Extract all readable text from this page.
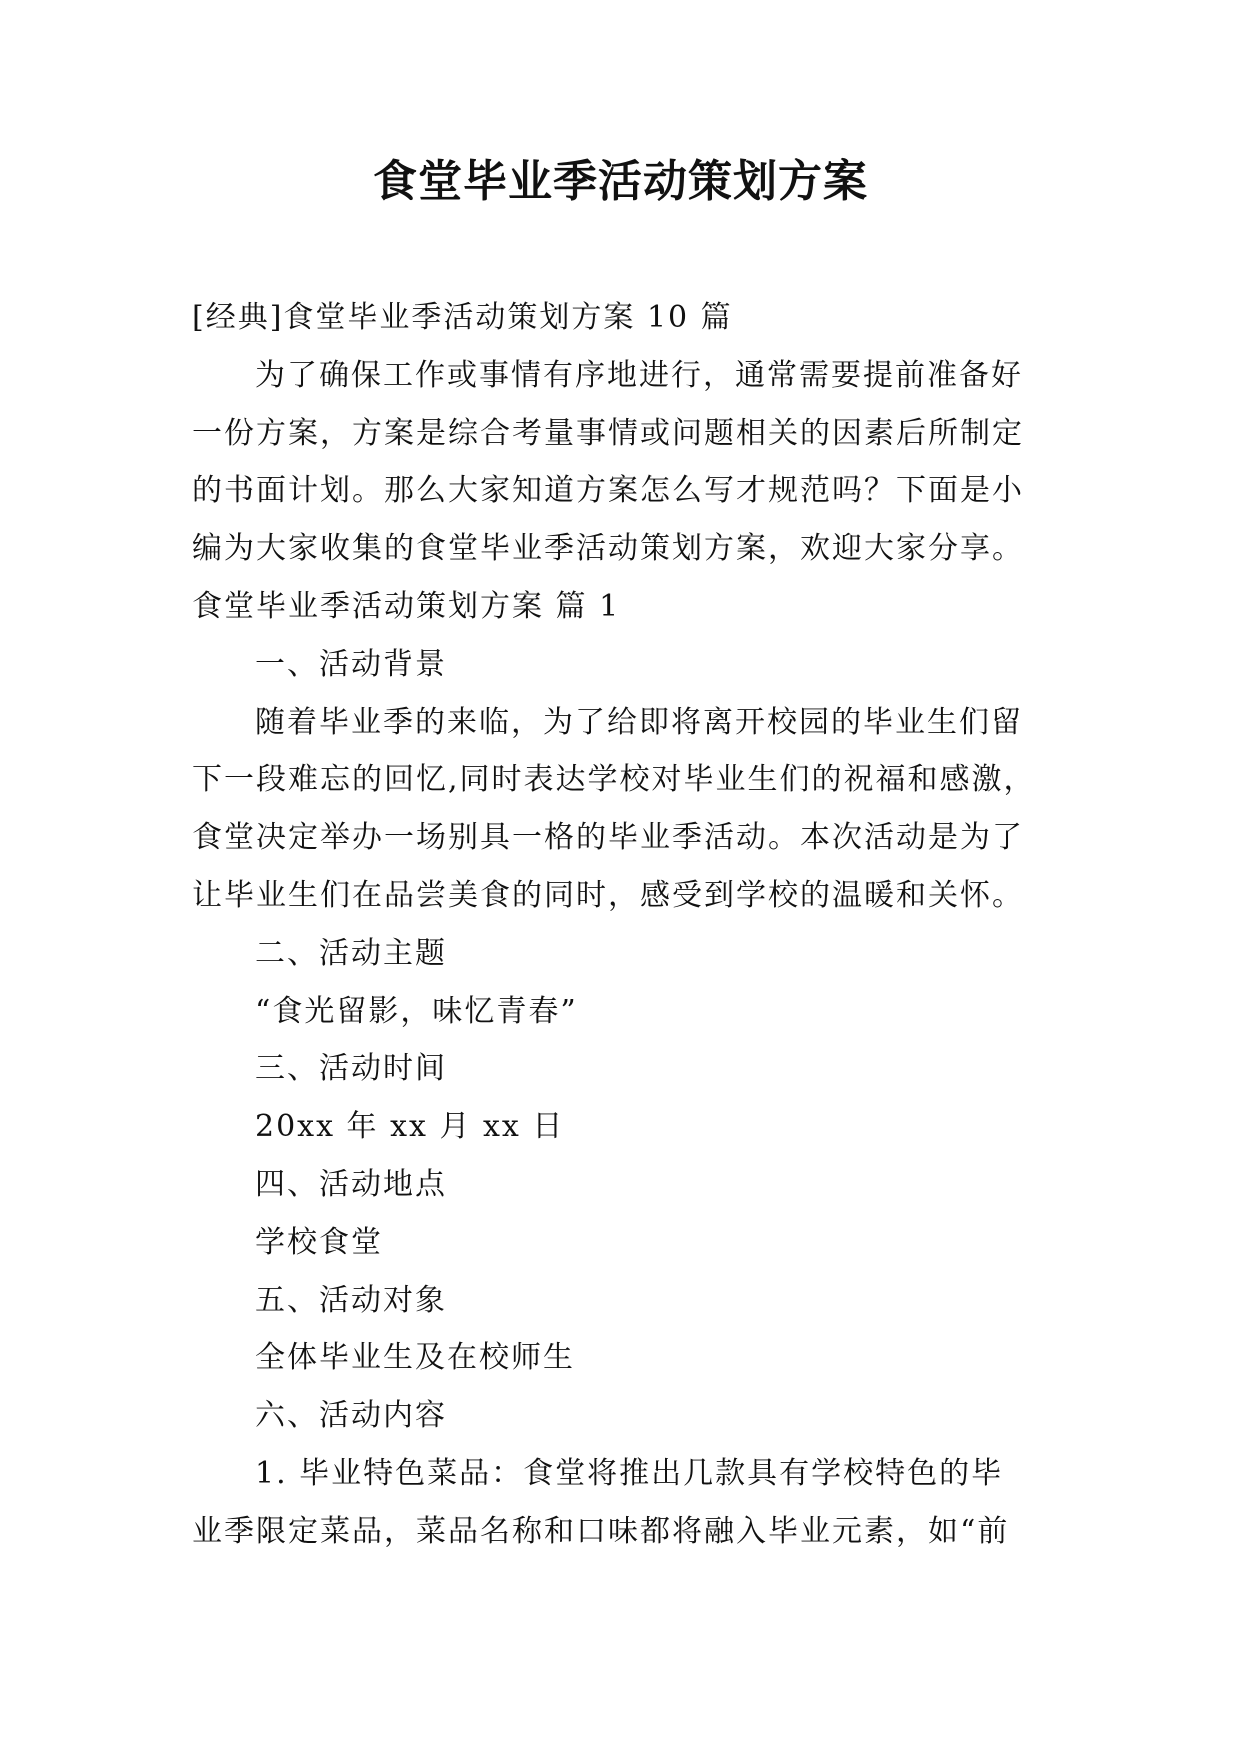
食堂毕业季活动策划方案
[经典]食堂毕业季活动策划方案 10 篇
为了确保工作或事情有序地进行，通常需要提前准备好
一份方案，方案是综合考量事情或问题相关的因素后所制定
的书面计划。那么大家知道方案怎么写才规范吗？下面是小
编为大家收集的食堂毕业季活动策划方案，欢迎大家分享。
食堂毕业季活动策划方案 篇 1
一、活动背景
随着毕业季的来临，为了给即将离开校园的毕业生们留
下一段难忘的回忆,同时表达学校对毕业生们的祝福和感激，
食堂决定举办一场别具一格的毕业季活动。本次活动是为了
让毕业生们在品尝美食的同时，感受到学校的温暖和关怀。
二、活动主题
“食光留影，味忆青春”
三、活动时间
20xx 年 xx 月 xx 日
四、活动地点
学校食堂
五、活动对象
全体毕业生及在校师生
六、活动内容
1. 毕业特色菜品：食堂将推出几款具有学校特色的毕
业季限定菜品，菜品名称和口味都将融入毕业元素，如“前
